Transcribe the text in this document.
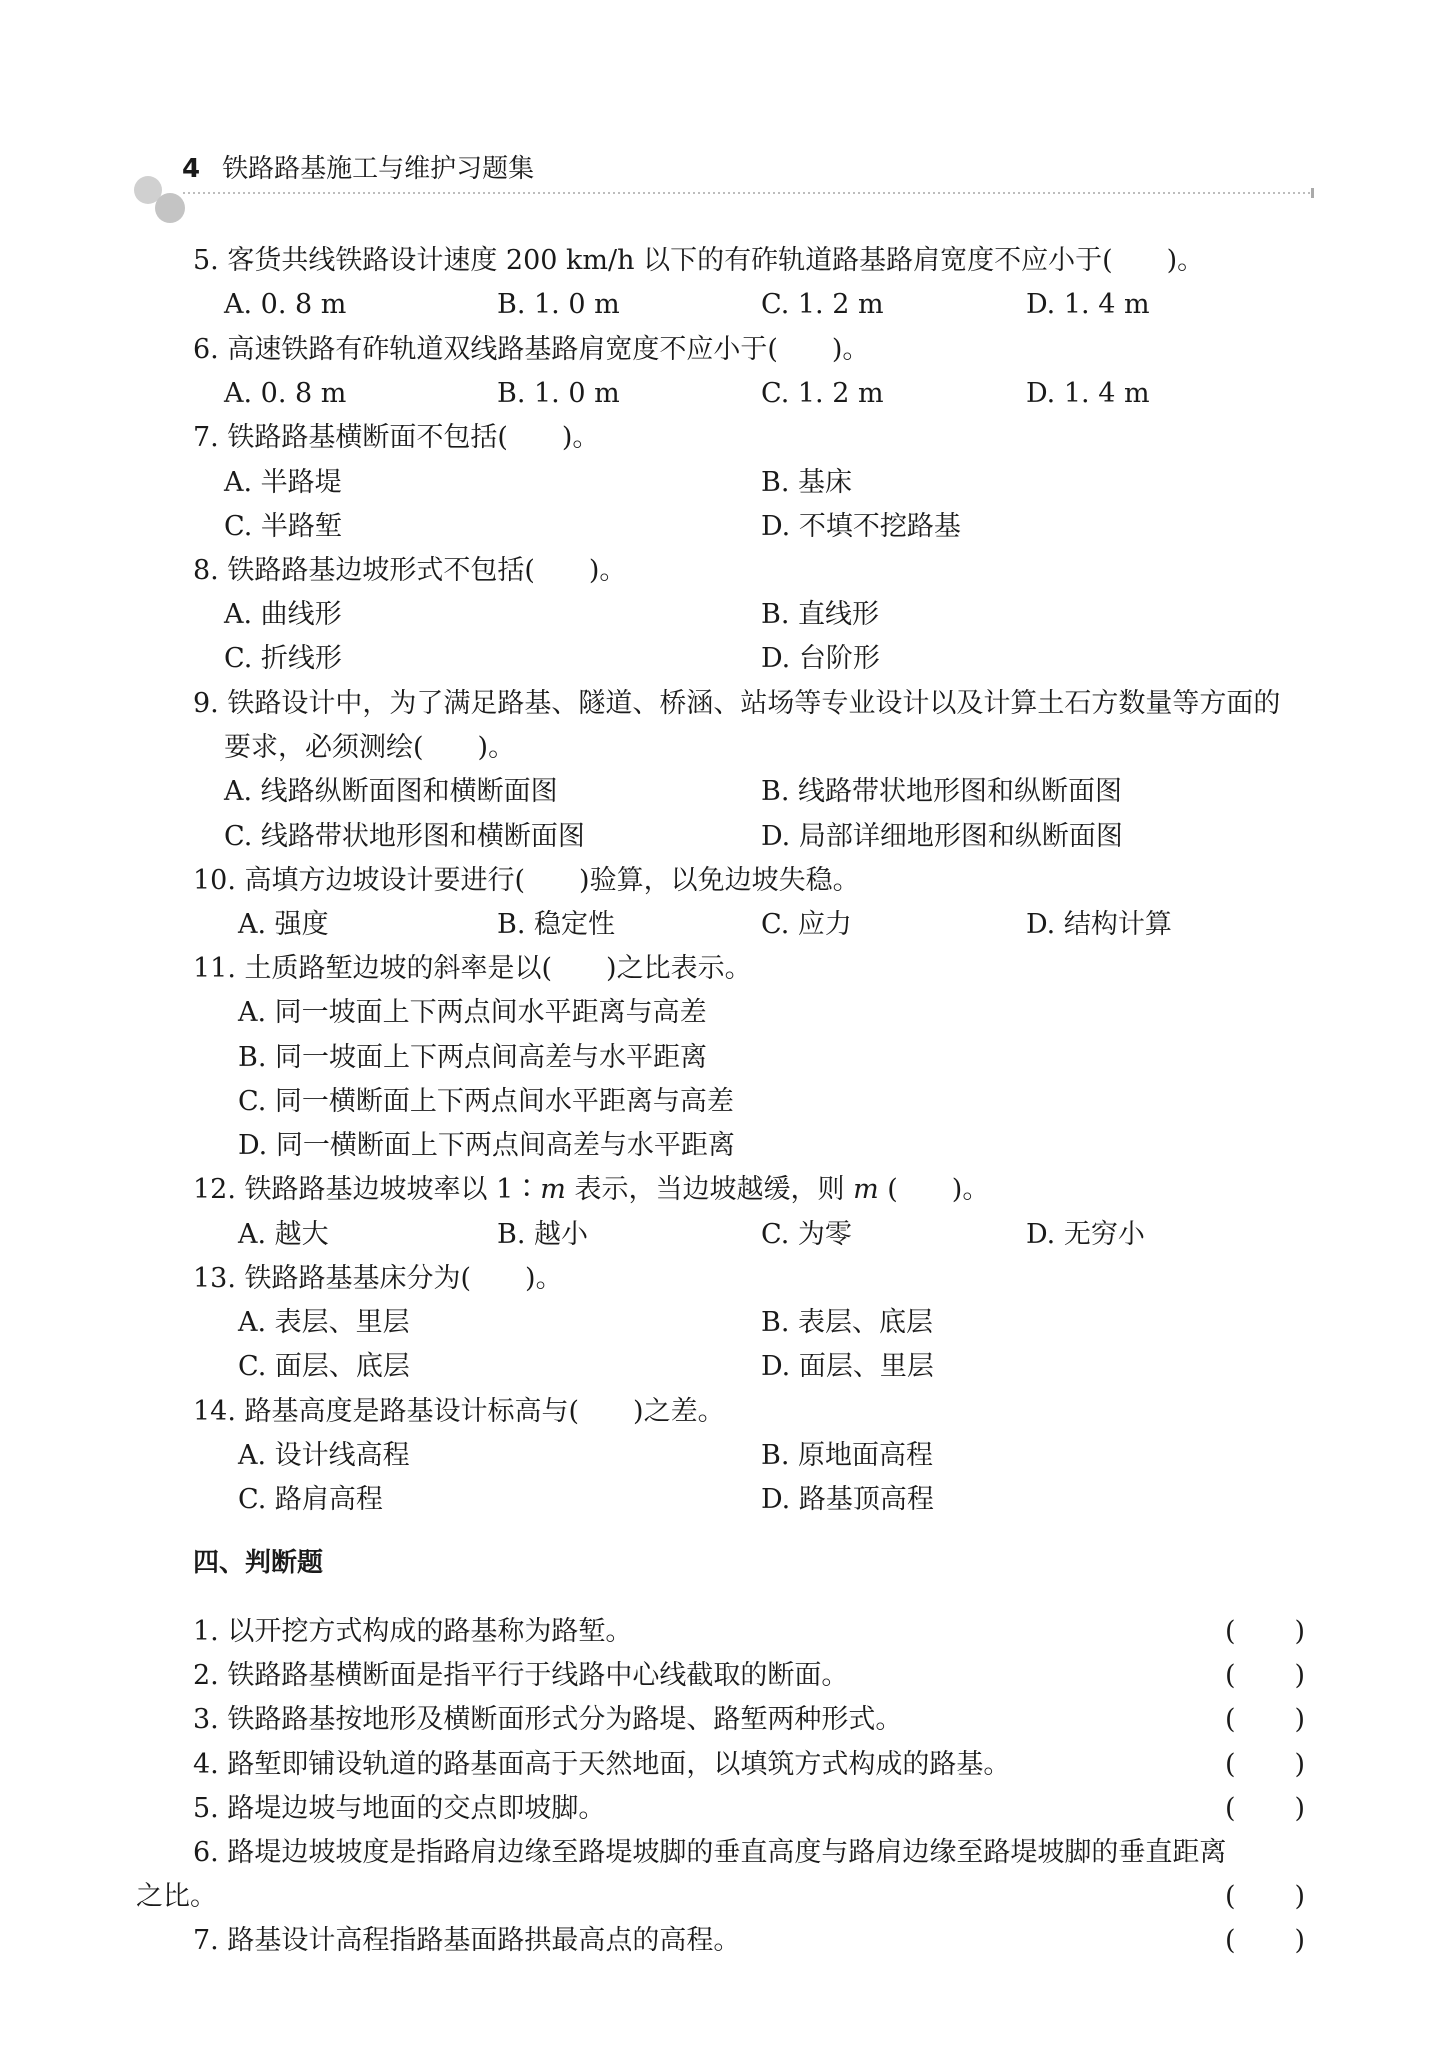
4 铁路路基施工与维护习题集
5. 客货共线铁路设计速度 200 km/h 以下的有砟轨道路基路肩宽度不应小于(　　)。
A. 0. 8 m	B. 1. 0 m	C. 1. 2 m	D. 1. 4 m
6. 高速铁路有砟轨道双线路基路肩宽度不应小于(　　)。
A. 0. 8 m	B. 1. 0 m	C. 1. 2 m	D. 1. 4 m
7. 铁路路基横断面不包括(　　)。
A. 半路堤	B. 基床
C. 半路堑	D. 不填不挖路基
8. 铁路路基边坡形式不包括(　　)。
A. 曲线形	B. 直线形
C. 折线形	D. 台阶形
9. 铁路设计中，为了满足路基、隧道、桥涵、站场等专业设计以及计算土石方数量等方面的
要求，必须测绘(　　)。
A. 线路纵断面图和横断面图	B. 线路带状地形图和纵断面图
C. 线路带状地形图和横断面图	D. 局部详细地形图和纵断面图
10. 高填方边坡设计要进行(　　)验算，以免边坡失稳。
A. 强度	B. 稳定性	C. 应力	D. 结构计算
11. 土质路堑边坡的斜率是以(　　)之比表示。
A. 同一坡面上下两点间水平距离与高差
B. 同一坡面上下两点间高差与水平距离
C. 同一横断面上下两点间水平距离与高差
D. 同一横断面上下两点间高差与水平距离
12. 铁路路基边坡坡率以 1∶m 表示，当边坡越缓，则 m (　　)。
A. 越大	B. 越小	C. 为零	D. 无穷小
13. 铁路路基基床分为(　　)。
A. 表层、里层	B. 表层、底层
C. 面层、底层	D. 面层、里层
14. 路基高度是路基设计标高与(　　)之差。
A. 设计线高程	B. 原地面高程
C. 路肩高程	D. 路基顶高程
四、判断题
1. 以开挖方式构成的路基称为路堑。	( )
2. 铁路路基横断面是指平行于线路中心线截取的断面。	( )
3. 铁路路基按地形及横断面形式分为路堤、路堑两种形式。	( )
4. 路堑即铺设轨道的路基面高于天然地面，以填筑方式构成的路基。	( )
5. 路堤边坡与地面的交点即坡脚。	( )
6. 路堤边坡坡度是指路肩边缘至路堤坡脚的垂直高度与路肩边缘至路堤坡脚的垂直距离
之比。	( )
7. 路基设计高程指路基面路拱最高点的高程。	( )
